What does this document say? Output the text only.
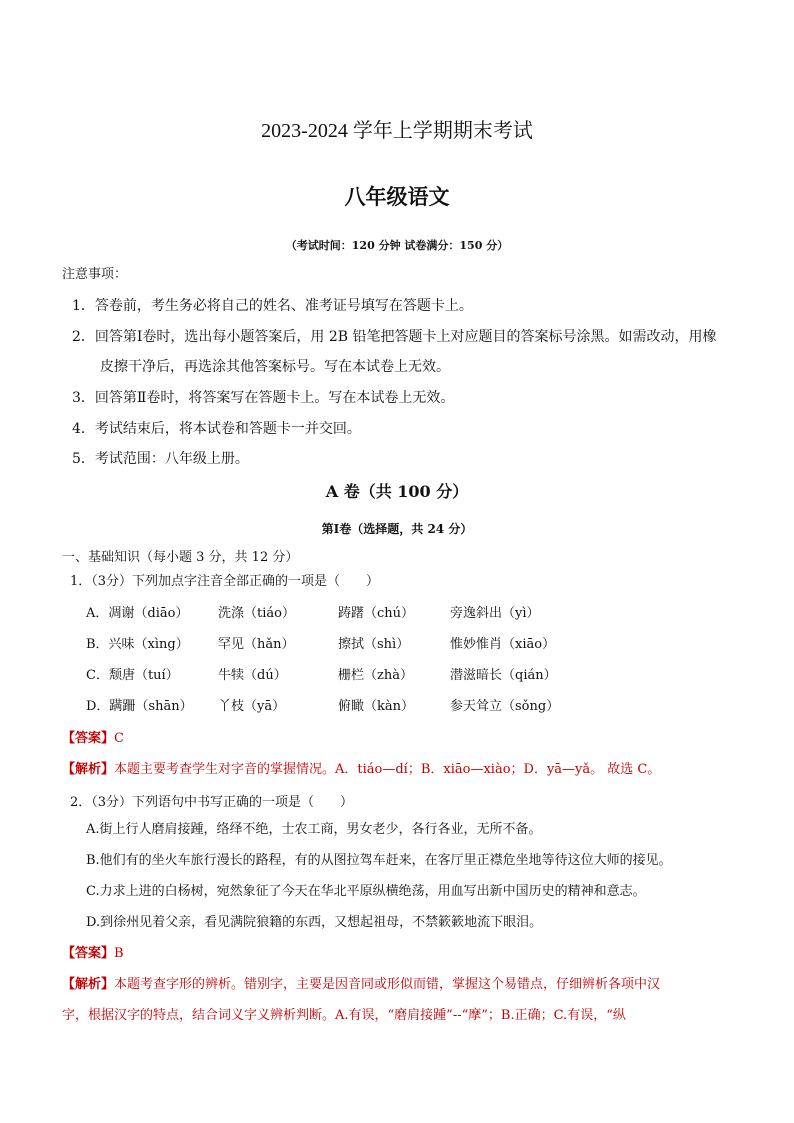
2023-2024 学年上学期期末考试
八年级语文
（考试时间：120 分钟 试卷满分：150 分）
注意事项：
1．答卷前，考生务必将自己的姓名、准考证号填写在答题卡上。
2．回答第Ⅰ卷时，选出每小题答案后，用 2B 铅笔把答题卡上对应题目的答案标号涂黑。如需改动，用橡
皮擦干净后，再选涂其他答案标号。写在本试卷上无效。
3．回答第Ⅱ卷时，将答案写在答题卡上。写在本试卷上无效。
4．考试结束后，将本试卷和答题卡一并交回。
5．考试范围：八年级上册。
A 卷（共 100 分）
第Ⅰ卷（选择题，共 24 分）
一、基础知识（每小题 3 分，共 12 分）
1．（3分）下列加点字注音全部正确的一项是（　　）
A．凋谢（diāo） 洗涤（tiáo）	踌躇（chú）	旁逸斜出（yì）
B．兴味（xìng） 罕见（hǎn）	擦拭（shì）	惟妙惟肖（xiāo）
C．颓唐（tuí）	牛犊（dú）	栅栏（zhà）	潜滋暗长（qián）
D．蹒跚（shān） 丫枝（yā）	俯瞰（kàn）	参天耸立（sǒng）
【答案】C
【解析】本题主要考查学生对字音的掌握情况。A．tiáo—dí；B．xiāo—xiào；D．yā—yǎ。 故选 C。
2．（3分）下列语句中书写正确的一项是（　　）
A.街上行人磨肩接踵，络绎不绝，士农工商，男女老少，各行各业，无所不备。
B.他们有的坐火车旅行漫长的路程，有的从图拉驾车赶来，在客厅里正襟危坐地等待这位大师的接见。
C.力求上进的白杨树，宛然象征了今天在华北平原纵横绝荡，用血写出新中国历史的精神和意志。
D.到徐州见着父亲，看见满院狼籍的东西，又想起祖母，不禁簌簌地流下眼泪。
【答案】B
【解析】本题考查字形的辨析。错别字，主要是因音同或形似而错，掌握这个易错点，仔细辨析各项中汉
字，根据汉字的特点，结合词义字义辨析判断。A.有误，“磨肩接踵”--“摩”；B.正确；C.有误，“纵
